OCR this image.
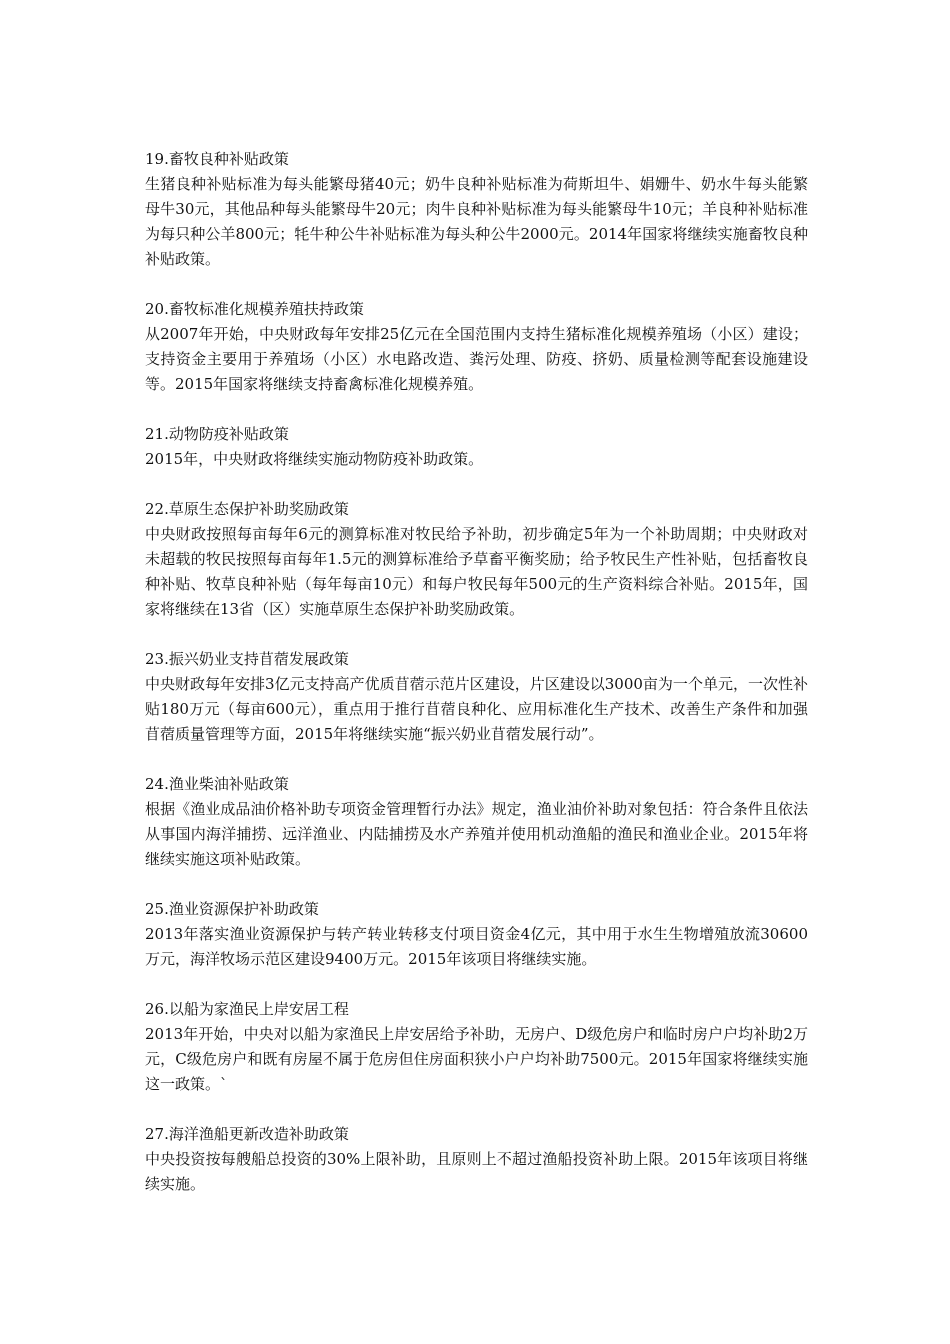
19.畜牧良种补贴政策

生猪良种补贴标准为每头能繁母猪40元；奶牛良种补贴标准为荷斯坦牛、娟姗牛、奶水牛每头能繁母牛30元，其他品种每头能繁母牛20元；肉牛良种补贴标准为每头能繁母牛10元；羊良种补贴标准为每只种公羊800元；牦牛种公牛补贴标准为每头种公牛2000元。2014年国家将继续实施畜牧良种补贴政策。

20.畜牧标准化规模养殖扶持政策

从2007年开始，中央财政每年安排25亿元在全国范围内支持生猪标准化规模养殖场（小区）建设；支持资金主要用于养殖场（小区）水电路改造、粪污处理、防疫、挤奶、质量检测等配套设施建设等。2015年国家将继续支持畜禽标准化规模养殖。

21.动物防疫补贴政策

2015年，中央财政将继续实施动物防疫补助政策。

22.草原生态保护补助奖励政策

中央财政按照每亩每年6元的测算标准对牧民给予补助，初步确定5年为一个补助周期；中央财政对未超载的牧民按照每亩每年1.5元的测算标准给予草畜平衡奖励；给予牧民生产性补贴，包括畜牧良种补贴、牧草良种补贴（每年每亩10元）和每户牧民每年500元的生产资料综合补贴。2015年，国家将继续在13省（区）实施草原生态保护补助奖励政策。

23.振兴奶业支持苜蓿发展政策

中央财政每年安排3亿元支持高产优质苜蓿示范片区建设，片区建设以3000亩为一个单元，一次性补贴180万元（每亩600元），重点用于推行苜蓿良种化、应用标准化生产技术、改善生产条件和加强苜蓿质量管理等方面，2015年将继续实施“振兴奶业苜蓿发展行动”。

24.渔业柴油补贴政策

根据《渔业成品油价格补助专项资金管理暂行办法》规定，渔业油价补助对象包括：符合条件且依法从事国内海洋捕捞、远洋渔业、内陆捕捞及水产养殖并使用机动渔船的渔民和渔业企业。2015年将继续实施这项补贴政策。

25.渔业资源保护补助政策

2013年落实渔业资源保护与转产转业转移支付项目资金4亿元，其中用于水生生物增殖放流30600万元，海洋牧场示范区建设9400万元。2015年该项目将继续实施。

26.以船为家渔民上岸安居工程

2013年开始，中央对以船为家渔民上岸安居给予补助，无房户、D级危房户和临时房户户均补助2万元，C级危房户和既有房屋不属于危房但住房面积狭小户户均补助7500元。2015年国家将继续实施这一政策。`

27.海洋渔船更新改造补助政策

中央投资按每艘船总投资的30%上限补助，且原则上不超过渔船投资补助上限。2015年该项目将继续实施。
